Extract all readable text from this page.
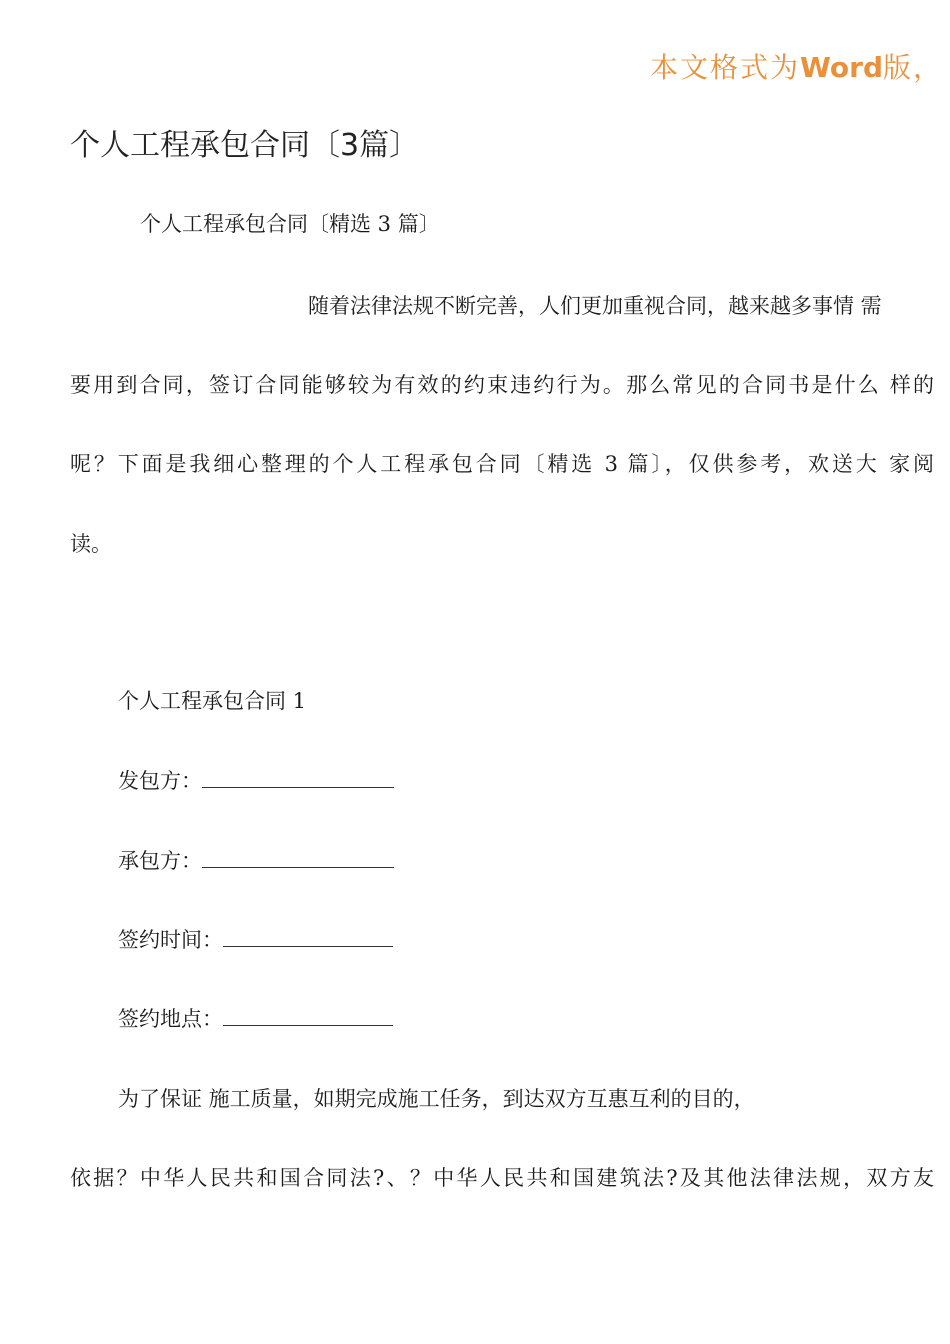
本文格式为Word版，
个人工程承包合同〔3篇〕
个人工程承包合同〔精选 3 篇〕
随着法律法规不断完善，人们更加重视合同，越来越多事情 需
要用到合同，签订合同能够较为有效的约束违约行为。那么常见的合同书是什么 样的
呢？下面是我细心整理的个人工程承包合同〔精选 3 篇〕，仅供参考，欢送大 家阅
读。
个人工程承包合同 1
发包方：
承包方：
签约时间：
签约地点：
为了保证 施工质量，如期完成施工任务，到达双方互惠互利的目的，
依据？中华人民共和国合同法?、？中华人民共和国建筑法?及其他法律法规，双方友
